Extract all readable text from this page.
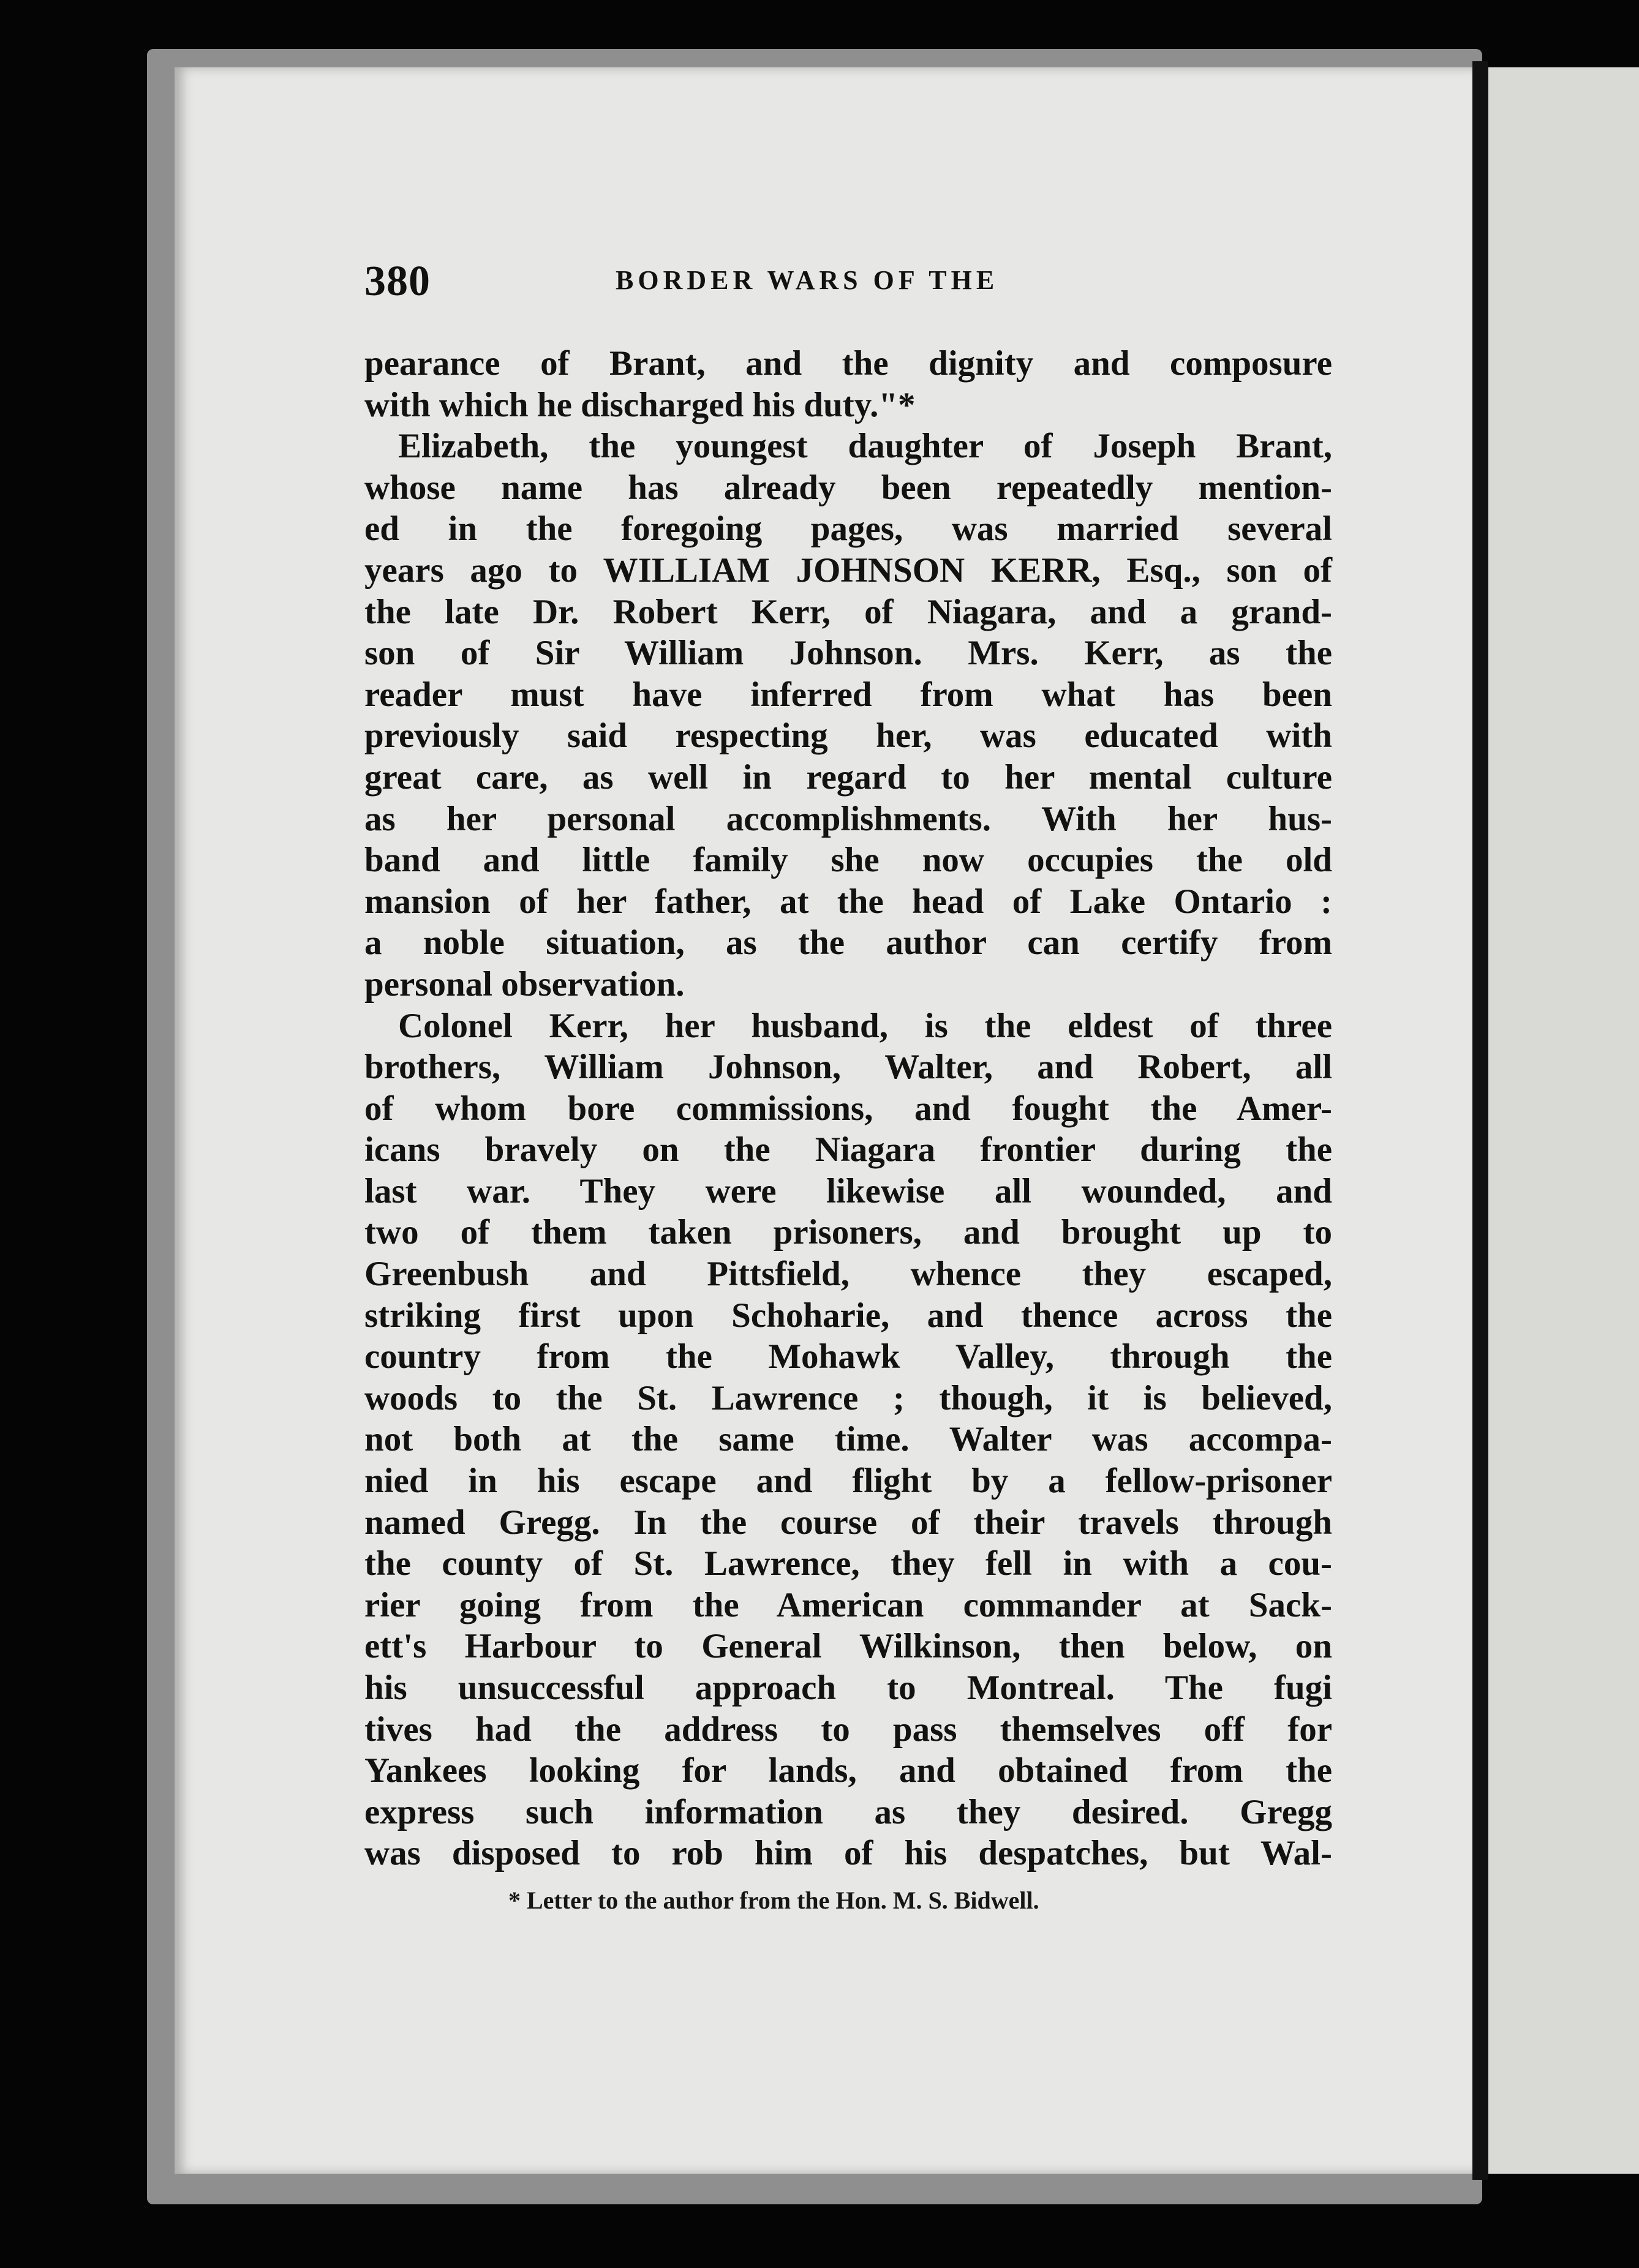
380	BORDER WARS OF THE
pearance of Brant, and the dignity and composure
with which he discharged his duty."*
Elizabeth, the youngest daughter of Joseph Brant,
whose name has already been repeatedly mention-
ed in the foregoing pages, was married several
years ago to WILLIAM JOHNSON KERR, Esq., son of
the late Dr. Robert Kerr, of Niagara, and a grand-
son of Sir William Johnson. Mrs. Kerr, as the
reader must have inferred from what has been
previously said respecting her, was educated with
great care, as well in regard to her mental culture
as her personal accomplishments. With her hus-
band and little family she now occupies the old
mansion of her father, at the head of Lake Ontario :
a noble situation, as the author can certify from
personal observation.
Colonel Kerr, her husband, is the eldest of three
brothers, William Johnson, Walter, and Robert, all
of whom bore commissions, and fought the Amer-
icans bravely on the Niagara frontier during the
last war. They were likewise all wounded, and
two of them taken prisoners, and brought up to
Greenbush and Pittsfield, whence they escaped,
striking first upon Schoharie, and thence across the
country from the Mohawk Valley, through the
woods to the St. Lawrence ; though, it is believed,
not both at the same time. Walter was accompa-
nied in his escape and flight by a fellow-prisoner
named Gregg. In the course of their travels through
the county of St. Lawrence, they fell in with a cou-
rier going from the American commander at Sack-
ett's Harbour to General Wilkinson, then below, on
his unsuccessful approach to Montreal. The fugi
tives had the address to pass themselves off for
Yankees looking for lands, and obtained from the
express such information as they desired. Gregg
was disposed to rob him of his despatches, but Wal-
* Letter to the author from the Hon. M. S. Bidwell.
